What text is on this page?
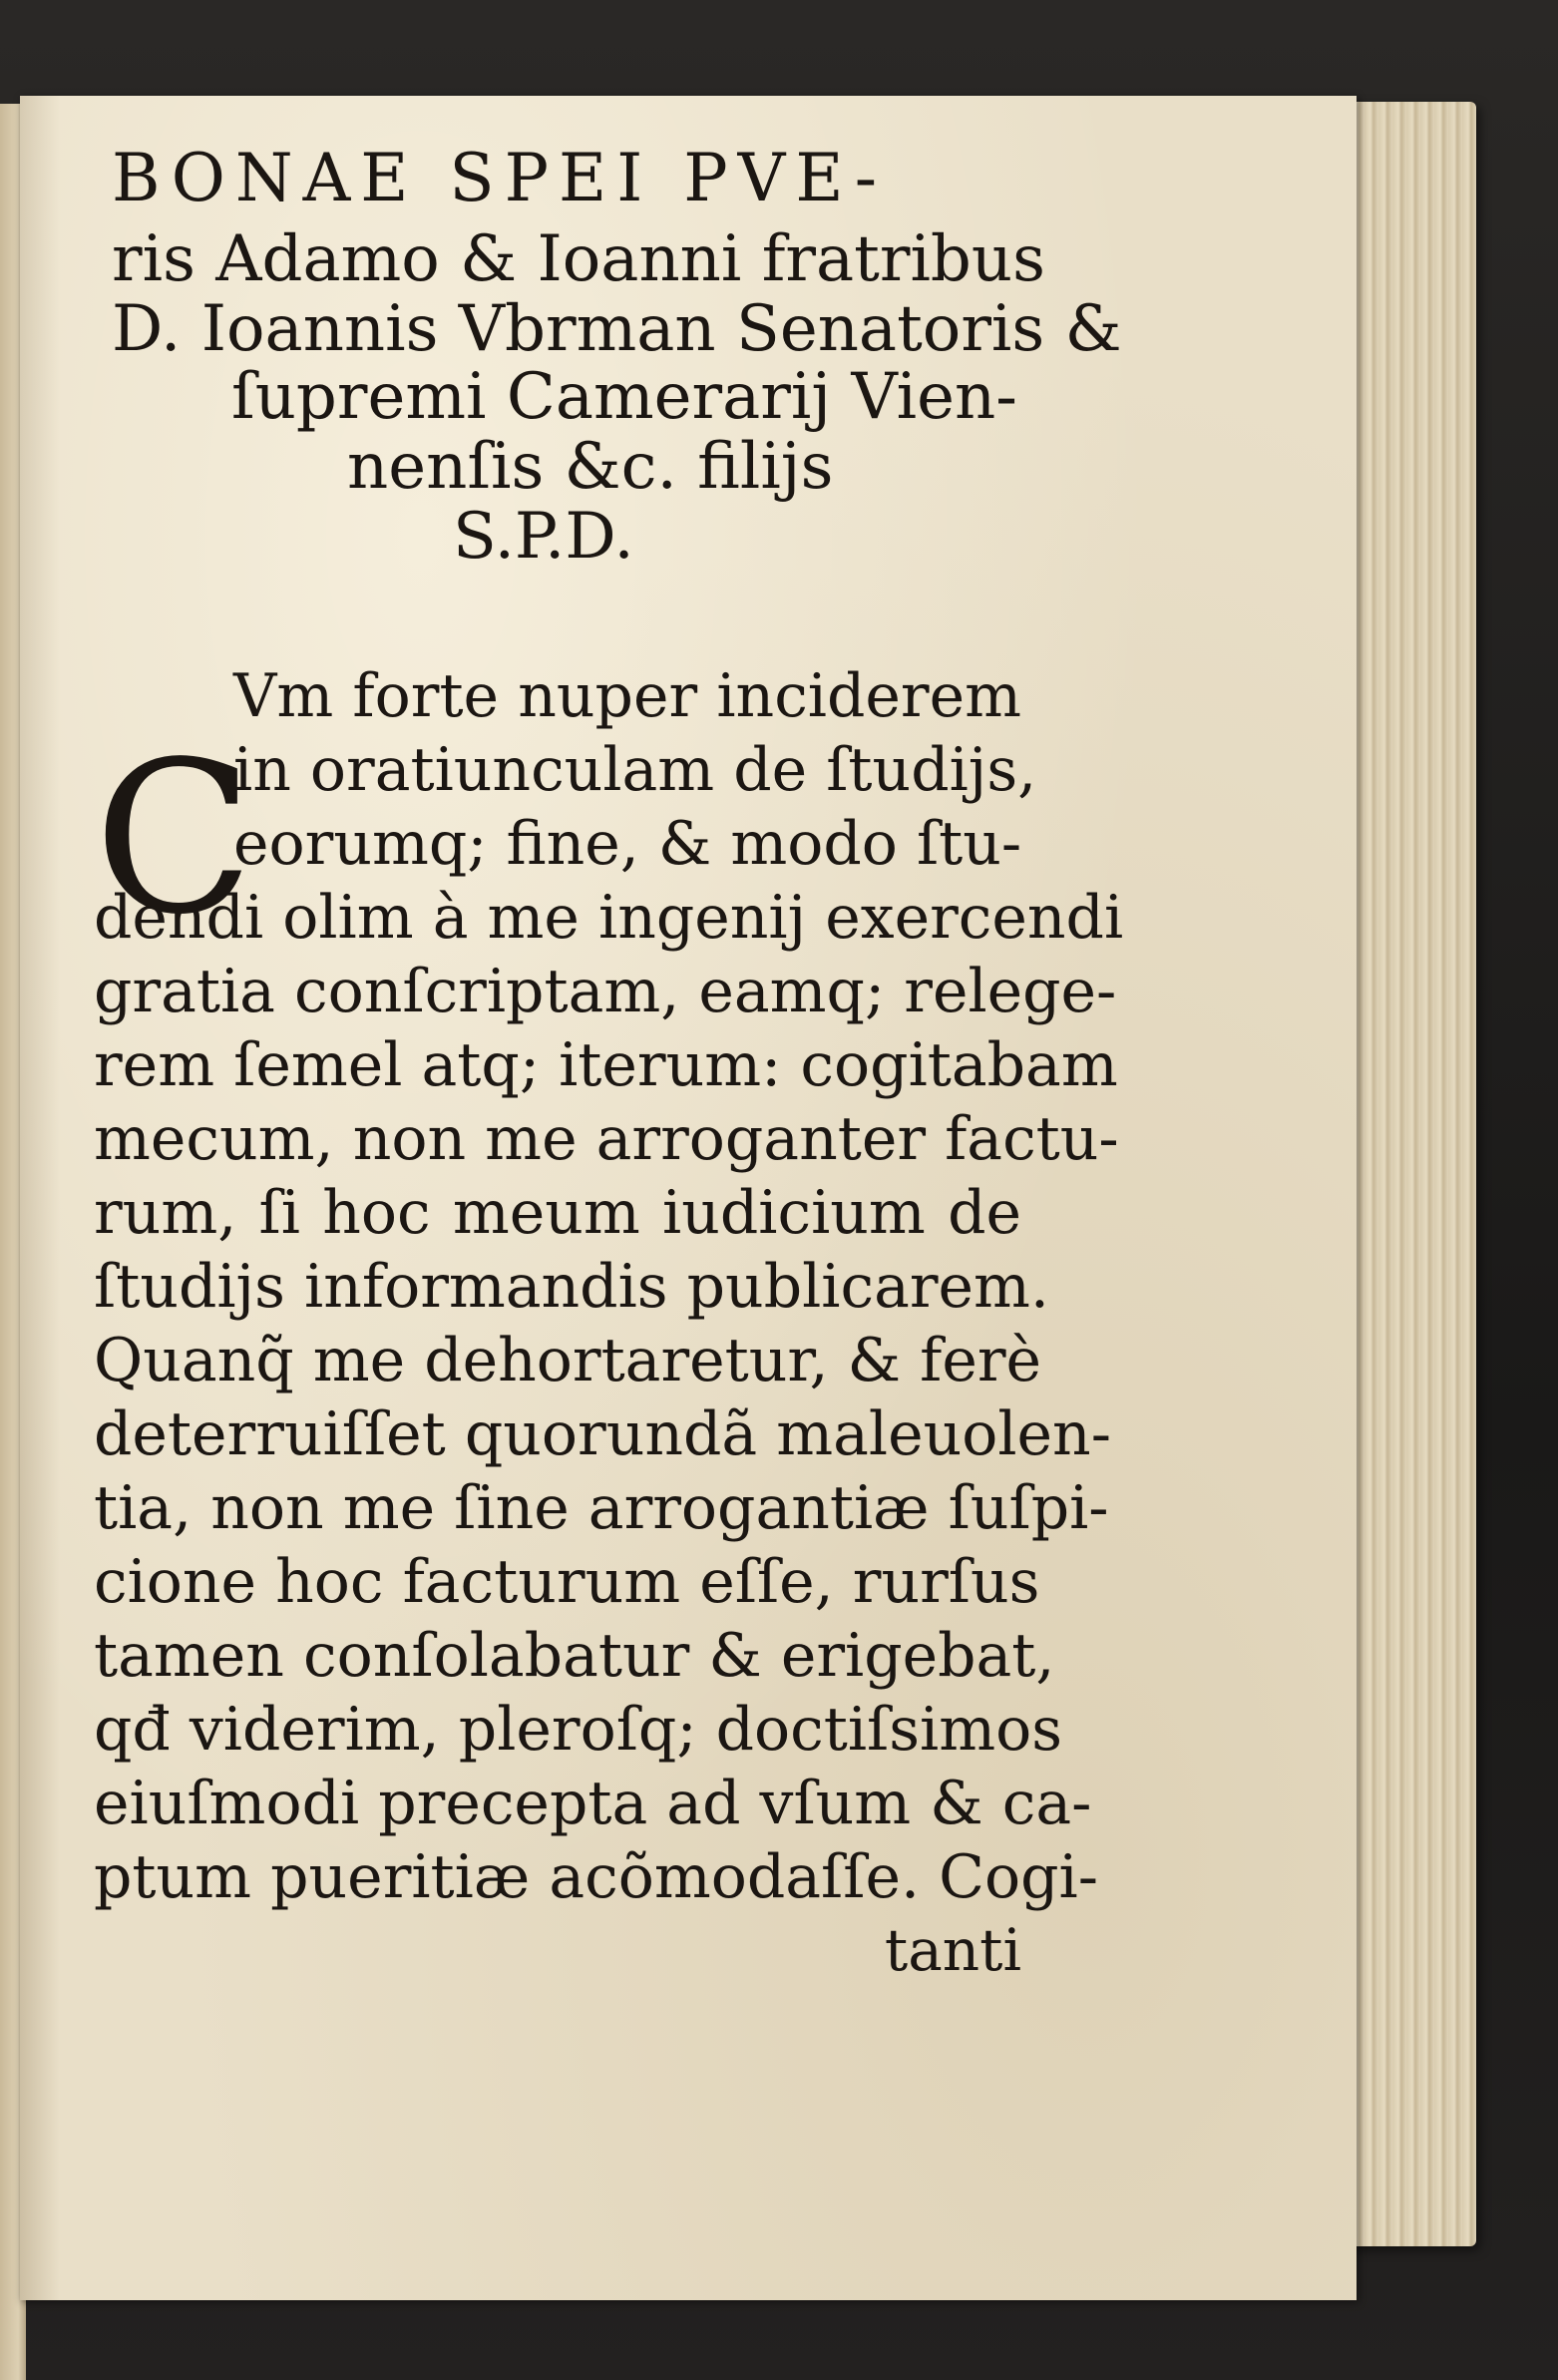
BONAE SPEI PVE-
ris Adamo & Ioanni fratribus
D. Ioannis Vbrman Senatoris &
ſupremi Camerarij Vien-
nenſis &c. filijs
S.P.D.
C
Vm forte nuper inciderem
in oratiunculam de ſtudijs,
eorumq; fine, & modo ſtu-
dendi olim à me ingenij exercendi
gratia conſcriptam, eamq; relege-
rem ſemel atq; iterum: cogitabam
mecum, non me arroganter factu-
rum, ſi hoc meum iudicium de
ſtudijs informandis publicarem.
Quanq̃ me dehortaretur, & ferè
deterruiſſet quorundã maleuolen-
tia, non me ſine arrogantiæ ſuſpi-
cione hoc facturum eſſe, rurſus
tamen conſolabatur & erigebat,
qđ viderim, pleroſq; doctiſsimos
eiuſmodi precepta ad vſum & ca-
ptum pueritiæ acõmodaſſe. Cogi-
tanti
